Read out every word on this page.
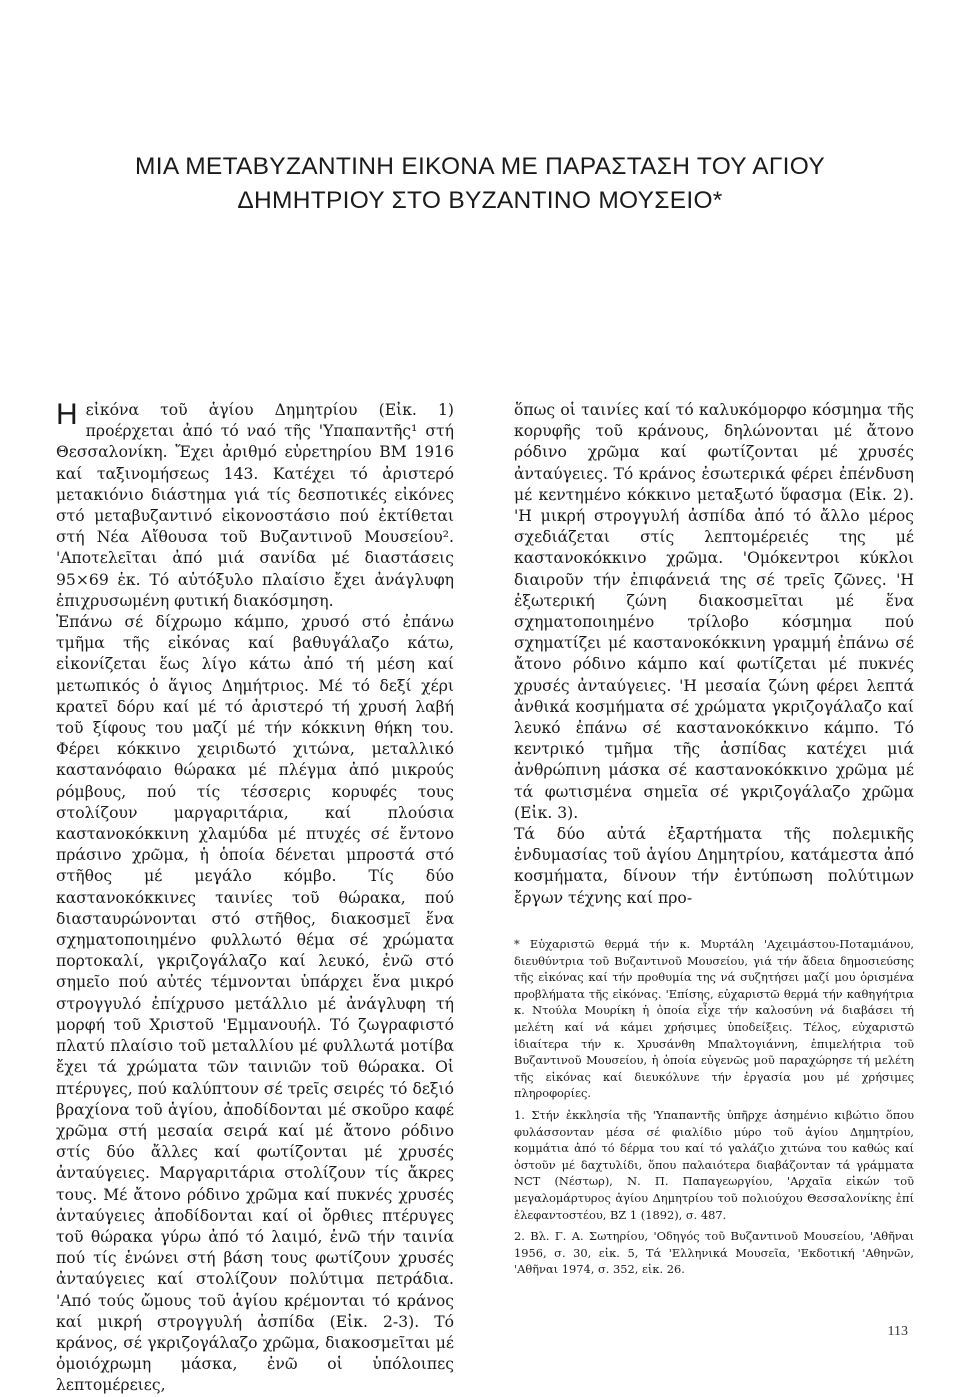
ΜΙΑ ΜΕΤΑΒΥΖΑΝΤΙΝΗ ΕΙΚΟΝΑ ΜΕ ΠΑΡΑΣΤΑΣΗ ΤΟΥ ΑΓΙΟΥ
ΔΗΜΗΤΡΙΟΥ ΣΤΟ ΒΥΖΑΝΤΙΝΟ ΜΟΥΣΕΙΟ*

Ηεἰκόνα τοῦ ἁγίου Δημητρίου (Εἰκ. 1) προέρχεται ἀπό τό ναό τῆς 'Υπαπαντῆς¹ στή Θεσσαλονίκη. Ἔχει ἀριθμό εὑρετηρίου ΒΜ 1916 καί ταξινομήσεως 143. Κατέχει τό ἀριστερό μετακιόνιο διάστημα γιά τίς δεσποτικές εἰκόνες στό μεταβυζαντινό εἰκονοστάσιο πού ἐκτίθεται στή Νέα Αἴθουσα τοῦ Βυζαντινοῦ Μουσείου². 'Αποτελεῖται ἀπό μιά σανίδα μέ διαστάσεις 95×69 ἑκ. Τό αὐτόξυλο πλαίσιο ἔχει ἀνάγλυφη ἐπιχρυσωμένη φυτική διακόσμηση.

Ἐπάνω σέ δίχρωμο κάμπο, χρυσό στό ἐπάνω τμῆμα τῆς εἰκόνας καί βαθυγάλαζο κάτω, εἰκονίζεται ἕως λίγο κάτω ἀπό τή μέση καί μετωπικός ὁ ἅγιος Δημήτριος. Μέ τό δεξί χέρι κρατεῖ δόρυ καί μέ τό ἀριστερό τή χρυσή λαβή τοῦ ξίφους του μαζί μέ τήν κόκκινη θήκη του. Φέρει κόκκινο χειριδωτό χιτώνα, μεταλλικό καστανόφαιο θώρακα μέ πλέγμα ἀπό μικρούς ρόμβους, πού τίς τέσσερις κορυφές τους στολίζουν μαργαριτάρια, καί πλούσια καστανοκόκκινη χλαμύδα μέ πτυχές σέ ἔντονο πράσινο χρῶμα, ἡ ὁποία δένεται μπροστά στό στῆθος μέ μεγάλο κόμβο. Τίς δύο καστανοκόκκινες ταινίες τοῦ θώρακα, πού διασταυρώνονται στό στῆθος, διακοσμεῖ ἕνα σχηματοποιημένο φυλλωτό θέμα σέ χρώματα πορτοκαλί, γκριζογάλαζο καί λευκό, ἐνῶ στό σημεῖο πού αὐτές τέμνονται ὑπάρχει ἕνα μικρό στρογγυλό ἐπίχρυσο μετάλλιο μέ ἀνάγλυφη τή μορφή τοῦ Χριστοῦ 'Εμμανουήλ. Τό ζωγραφιστό πλατύ πλαίσιο τοῦ μεταλλίου μέ φυλλωτά μοτίβα ἔχει τά χρώματα τῶν ταινιῶν τοῦ θώρακα. Οἱ πτέρυγες, πού καλύπτουν σέ τρεῖς σειρές τό δεξιό βραχίονα τοῦ ἁγίου, ἀποδίδονται μέ σκοῦρο καφέ χρῶμα στή μεσαία σειρά καί μέ ἄτονο ρόδινο στίς δύο ἄλλες καί φωτίζονται μέ χρυσές ἀνταύγειες. Μαργαριτάρια στολίζουν τίς ἄκρες τους. Μέ ἄτονο ρόδινο χρῶμα καί πυκνές χρυσές ἀνταύγειες ἀποδίδονται καί οἱ ὄρθιες πτέρυγες τοῦ θώρακα γύρω ἀπό τό λαιμό, ἐνῶ τήν ταινία πού τίς ἑνώνει στή βάση τους φωτίζουν χρυσές ἀνταύγειες καί στολίζουν πολύτιμα πετράδια. 'Από τούς ὤμους τοῦ ἁγίου κρέμονται τό κράνος καί μικρή στρογγυλή ἀσπίδα (Εἰκ. 2-3). Τό κράνος, σέ γκριζογάλαζο χρῶμα, διακοσμεῖται μέ ὁμοιόχρωμη μάσκα, ἐνῶ οἱ ὑπόλοιπες λεπτομέρειες,

ὅπως οἱ ταινίες καί τό καλυκόμορφο κόσμημα τῆς κορυφῆς τοῦ κράνους, δηλώνονται μέ ἄτονο ρόδινο χρῶμα καί φωτίζονται μέ χρυσές ἀνταύγειες. Τό κράνος ἐσωτερικά φέρει ἐπένδυση μέ κεντημένο κόκκινο μεταξωτό ὕφασμα (Εἰκ. 2). 'Η μικρή στρογγυλή ἀσπίδα ἀπό τό ἄλλο μέρος σχεδιάζεται στίς λεπτομέρειές της μέ καστανοκόκκινο χρῶμα. 'Ομόκεντροι κύκλοι διαιροῦν τήν ἐπιφάνειά της σέ τρεῖς ζῶνες. 'Η ἐξωτερική ζώνη διακοσμεῖται μέ ἕνα σχηματοποιημένο τρίλοβο κόσμημα πού σχηματίζει μέ καστανοκόκκινη γραμμή ἐπάνω σέ ἄτονο ρόδινο κάμπο καί φωτίζεται μέ πυκνές χρυσές ἀνταύγειες. 'Η μεσαία ζώνη φέρει λεπτά ἀνθικά κοσμήματα σέ χρώματα γκριζογάλαζο καί λευκό ἐπάνω σέ καστανοκόκκινο κάμπο. Τό κεντρικό τμῆμα τῆς ἀσπίδας κατέχει μιά ἀνθρώπινη μάσκα σέ καστανοκόκκινο χρῶμα μέ τά φωτισμένα σημεῖα σέ γκριζογάλαζο χρῶμα (Εἰκ. 3).

Τά δύο αὐτά ἐξαρτήματα τῆς πολεμικῆς ἐνδυμασίας τοῦ ἁγίου Δημητρίου, κατάμεστα ἀπό κοσμήματα, δίνουν τήν ἐντύπωση πολύτιμων ἔργων τέχνης καί προ-

* Εὐχαριστῶ θερμά τήν κ. Μυρτάλη 'Αχειμάστου-Ποταμιάνου, διευθύντρια τοῦ Βυζαντινοῦ Μουσείου, γιά τήν ἄδεια δημοσιεύσης τῆς εἰκόνας καί τήν προθυμία της νά συζητήσει μαζί μου ὁρισμένα προβλήματα τῆς εἰκόνας. 'Επίσης, εὐχαριστῶ θερμά τήν καθηγήτρια κ. Ντούλα Μουρίκη ἡ ὁποία εἶχε τήν καλοσύνη νά διαβάσει τή μελέτη καί νά κάμει χρήσιμες ὑποδείξεις. Τέλος, εὐχαριστῶ ἰδιαίτερα τήν κ. Χρυσάνθη Μπαλτογιάννη, ἐπιμελήτρια τοῦ Βυζαντινοῦ Μουσείου, ἡ ὁποία εὐγενῶς μοῦ παραχώρησε τή μελέτη τῆς εἰκόνας καί διευκόλυνε τήν ἐργασία μου μέ χρήσιμες πληροφορίες.

1. Στήν ἐκκλησία τῆς 'Υπαπαντῆς ὑπῆρχε ἀσημένιο κιβώτιο ὅπου φυλάσσονταν μέσα σέ φιαλίδιο μύρο τοῦ ἁγίου Δημητρίου, κομμάτια ἀπό τό δέρμα του καί τό γαλάζιο χιτώνα του καθώς καί ὀστοῦν μέ δαχτυλίδι, ὅπου παλαιότερα διαβάζονταν τά γράμματα NCT (Νέστωρ), Ν. Π. Παπαγεωργίου, 'Αρχαῖα εἰκών τοῦ μεγαλομάρτυρος ἁγίου Δημητρίου τοῦ πολιούχου Θεσσαλονίκης ἐπί ἐλεφαντοστέου, ΒΖ 1 (1892), σ. 487.

2. Βλ. Γ. Α. Σωτηρίου, 'Οδηγός τοῦ Βυζαντινοῦ Μουσείου, 'Αθῆναι 1956, σ. 30, εἰκ. 5, Τά 'Ελληνικά Μουσεῖα, 'Εκδοτική 'Αθηνῶν, 'Αθῆναι 1974, σ. 352, εἰκ. 26.

113
